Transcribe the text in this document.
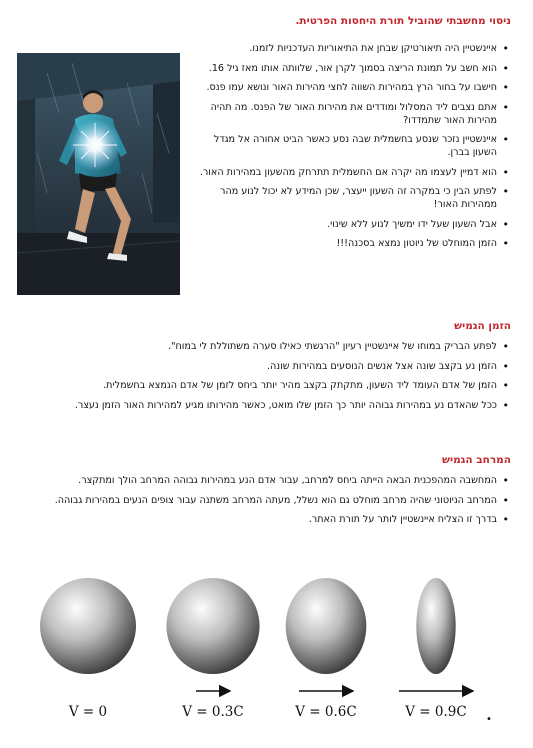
ניסוי מחשבתי שהוביל תורת היחסות הפרטית.
• איינשטיין היה תיאורטיקן שבחן את התיאוריות העדכניות לזמנו.
• הוא חשב על תמונת הריצה בסמוך לקרן אור, שלוותה אותו מאז גיל 16.
• חישבו על בחור הרץ במהירות השווה לחצי מהירות האור ונושא עמו פנס.
• אתם נצבים ליד המסלול ומודדים את מהירות האור של הפנס. מה תהיה מהירות האור שתמדדו?
• איינשטיין נזכר שנסע בחשמלית שבה נסע כאשר הביט אחורה אל מגדל השעון בברן.
• הוא דמיין לעצמו מה יקרה אם החשמלית תתרחק מהשעון במהירות האור.
• לפתע הבין כי במקרה זה השעון ייעצר, שכן המידע לא יכול לנוע מהר ממהירות האור!
• אבל השעון שעל ידו ימשיך לנוע ללא שינוי.
• הזמן המוחלט של ניוטון נמצא בסכנה!!!
הזמן הגמיש
• לפתע הבריק במוחו של איינשטיין רעיון "הרגשתי כאילו סערה משתוללת לי במוח".
• הזמן נע בקצב שונה אצל אנשים הנוסעים במהירות שונה.
• הזמן של אדם העומד ליד השעון, מתקתק בקצב מהיר יותר ביחס לזמן של אדם הנמצא בחשמלית.
• ככל שהאדם נע במהירות גבוהה יותר כך הזמן שלו מואט, כאשר מהירותו מגיע למהירות האור הזמן נעצר.
המרחב הגמיש
• המחשבה המהפכנית הבאה הייתה ביחס למרחב, עבור אדם הנע במהירות גבוהה המרחב הולך ומתקצר.
• המרחב הניוטוני שהיה מרחב מוחלט גם הוא נשלל, מעתה המרחב משתנה עבור צופים הנעים במהירות גבוהה.
• בדרך זו הצליח איינשטיין לותר על תורת האתר.
V = 0	V = 0.3C	V = 0.6C	V = 0.9C •
